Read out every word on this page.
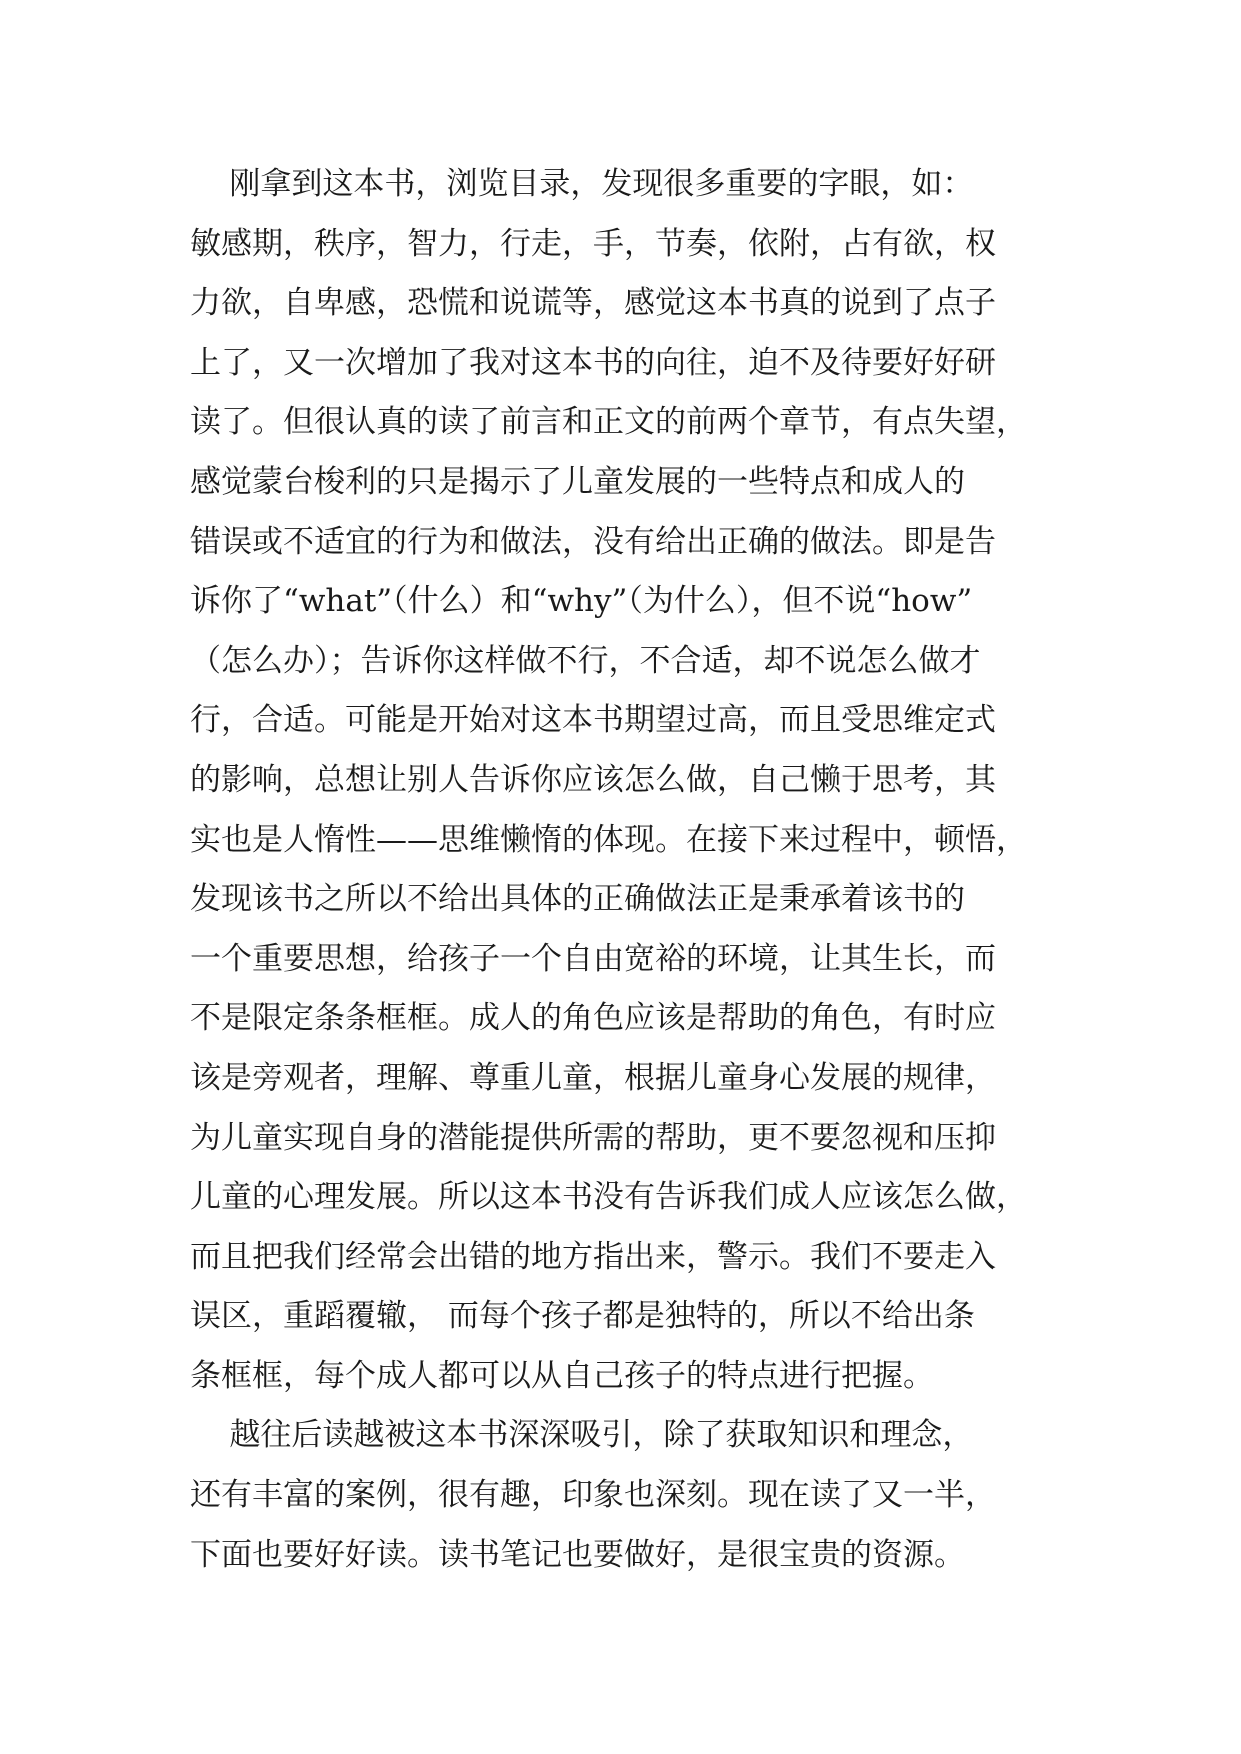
刚拿到这本书，浏览目录，发现很多重要的字眼，如：
敏感期，秩序，智力，行走，手，节奏，依附，占有欲，权
力欲，自卑感，恐慌和说谎等，感觉这本书真的说到了点子
上了，又一次增加了我对这本书的向往，迫不及待要好好研
读了。但很认真的读了前言和正文的前两个章节，有点失望，
感觉蒙台梭利的只是揭示了儿童发展的一些特点和成人的
错误或不适宜的行为和做法，没有给出正确的做法。即是告
诉你了“what”（什么）和“why”（为什么），但不说“how”
（怎么办）；告诉你这样做不行，不合适，却不说怎么做才
行，合适。可能是开始对这本书期望过高，而且受思维定式
的影响，总想让别人告诉你应该怎么做，自己懒于思考，其
实也是人惰性——思维懒惰的体现。在接下来过程中，顿悟，
发现该书之所以不给出具体的正确做法正是秉承着该书的
一个重要思想，给孩子一个自由宽裕的环境，让其生长，而
不是限定条条框框。成人的角色应该是帮助的角色，有时应
该是旁观者，理解、尊重儿童，根据儿童身心发展的规律，
为儿童实现自身的潜能提供所需的帮助，更不要忽视和压抑
儿童的心理发展。所以这本书没有告诉我们成人应该怎么做，
而且把我们经常会出错的地方指出来，警示。我们不要走入
误区，重蹈覆辙， 而每个孩子都是独特的，所以不给出条
条框框，每个成人都可以从自己孩子的特点进行把握。
越往后读越被这本书深深吸引，除了获取知识和理念，
还有丰富的案例，很有趣，印象也深刻。现在读了又一半，
下面也要好好读。读书笔记也要做好，是很宝贵的资源。
